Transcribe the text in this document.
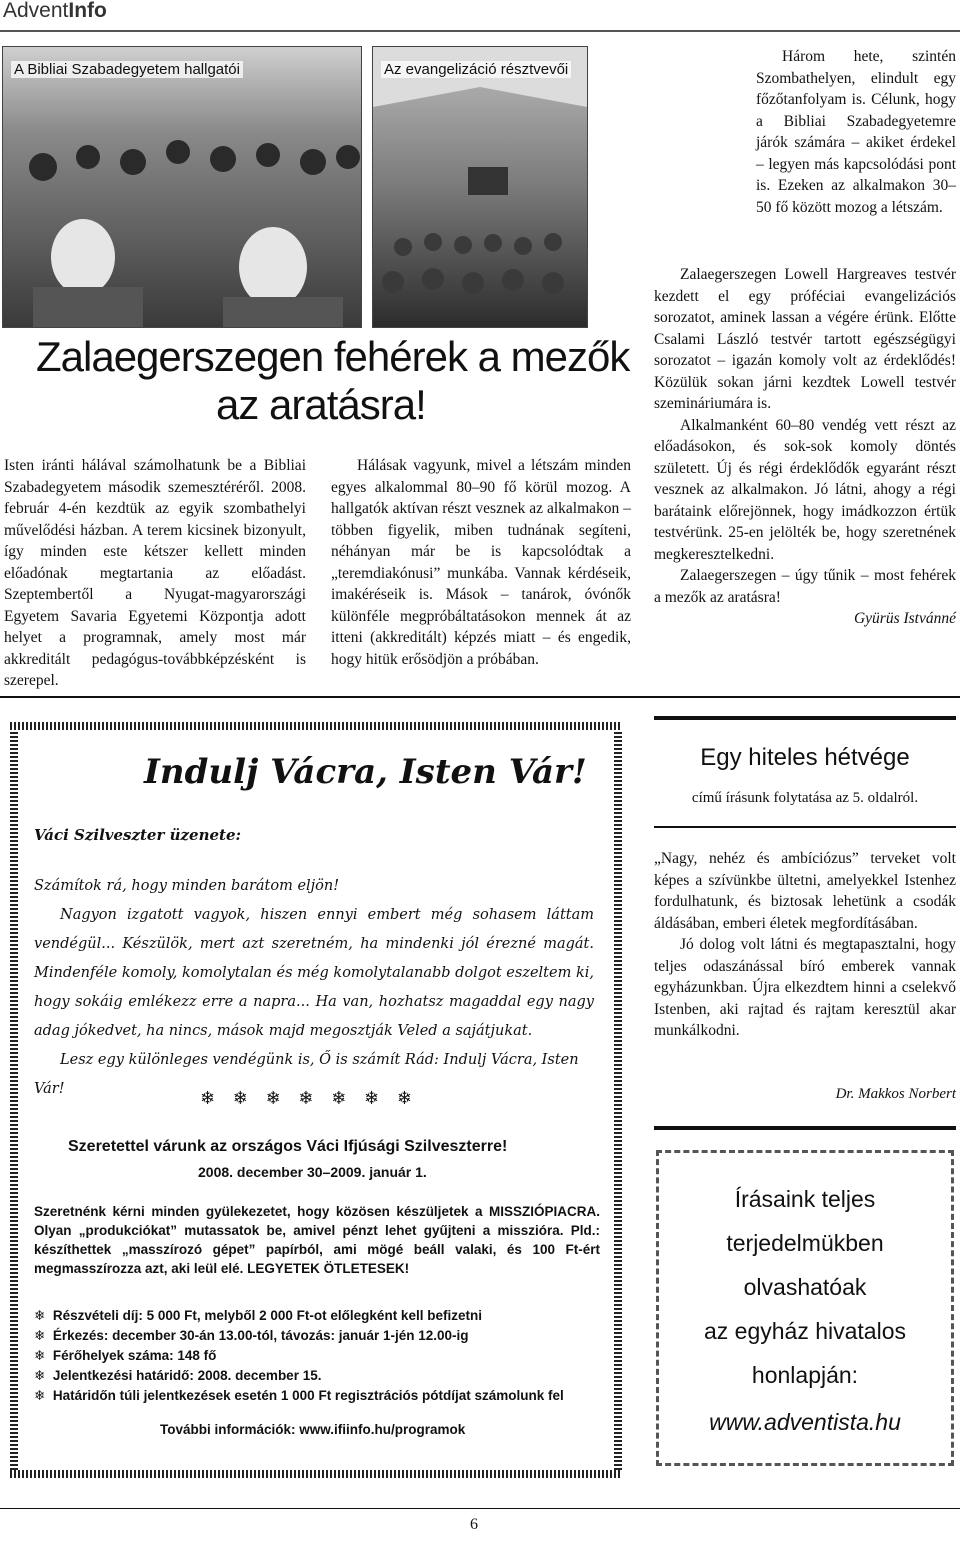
AdventInfo
A Bibliai Szabadegyetem hallgatói	Az evangelizáció résztvevői
Zalaegerszegen fehérek a mezők
az aratásra!

Isten iránti hálával számolhatunk be a Bibliai Szabadegyetem második szemesztéréről. 2008. február 4-én kezdtük az egyik szombathelyi művelődési házban. A terem kicsinek bizonyult, így minden este kétszer kellett minden előadónak megtartania az előadást. Szeptembertől a Nyugat-magyarországi Egyetem Savaria Egyetemi Központja adott helyet a programnak, amely most már akkreditált pedagógus-továbbképzésként is szerepel.

Hálásak vagyunk, mivel a létszám minden egyes alkalommal 80–90 fő körül mozog. A hallgatók aktívan részt vesznek az alkalmakon – többen figyelik, miben tudnának segíteni, néhányan már be is kapcsolódtak a „teremdiakónusi” munkába. Vannak kérdéseik, imakéréseik is. Mások – tanárok, óvónők különféle megpróbáltatásokon mennek át az itteni (akkreditált) képzés miatt – és engedik, hogy hitük erősödjön a próbában.

Három hete, szintén Szombathelyen, elindult egy főzőtanfolyam is. Célunk, hogy a Bibliai Szabadegyetemre járók számára – akiket érdekel – legyen más kapcsolódási pont is. Ezeken az alkalmakon 30–50 fő között mozog a létszám.

Zalaegerszegen Lowell Hargreaves testvér kezdett el egy próféciai evangelizációs sorozatot, aminek lassan a végére érünk. Előtte Csalami László testvér tartott egészségügyi sorozatot – igazán komoly volt az érdeklődés! Közülük sokan járni kezdtek Lowell testvér szemináriumára is.

Alkalmanként 60–80 vendég vett részt az előadásokon, és sok-sok komoly döntés született. Új és régi érdeklődők egyaránt részt vesznek az alkalmakon. Jó látni, ahogy a régi barátaink előrejönnek, hogy imádkozzon értük testvérünk. 25-en jelölték be, hogy szeretnének megkeresztelkedni.

Zalaegerszegen – úgy tűnik – most fehérek a mezők az aratásra!

Gyürüs Istvánné

Indulj Vácra, Isten Vár!
Váci Szilveszter üzenete:
Számítok rá, hogy minden barátom eljön!
Nagyon izgatott vagyok, hiszen ennyi embert még sohasem láttam vendégül... Készülök, mert azt szeretném, ha mindenki jól érezné magát. Mindenféle komoly, komolytalan és még komolytalanabb dolgot eszeltem ki, hogy sokáig emlékezz erre a napra... Ha van, hozhatsz magaddal egy nagy adag jókedvet, ha nincs, mások majd megosztják Veled a sajátjukat.
Lesz egy különleges vendégünk is, Ő is számít Rád: Indulj Vácra, Isten Vár!	❄ ❄ ❄ ❄ ❄ ❄ ❄
Szeretettel várunk az országos Váci Ifjúsági Szilveszterre!
2008. december 30–2009. január 1.
Szeretnénk kérni minden gyülekezetet, hogy közösen készüljetek a MISSZIÓPIACRA. Olyan „produkciókat” mutassatok be, amivel pénzt lehet gyűjteni a misszióra. Pld.: készíthettek „masszírozó gépet” papírból, ami mögé beáll valaki, és 100 Ft-ért megmasszírozza azt, aki leül elé. LEGYETEK ÖTLETESEK!
❄ Részvételi díj: 5 000 Ft, melyből 2 000 Ft-ot előlegként kell befizetni
❄ Érkezés: december 30-án 13.00-tól, távozás: január 1-jén 12.00-ig
❄ Férőhelyek száma: 148 fő
❄ Jelentkezési határidő: 2008. december 15.
❄ Határidőn túli jelentkezések esetén 1 000 Ft regisztrációs pótdíjat számolunk fel
További információk: www.ifiinfo.hu/programok
Egy hiteles hétvége
című írásunk folytatása az 5. oldalról.

„Nagy, nehéz és ambíciózus” terveket volt képes a szívünkbe ültetni, amelyekkel Istenhez fordulhatunk, és biztosak lehetünk a csodák áldásában, emberi életek megfordításában.

Jó dolog volt látni és megtapasztalni, hogy teljes odaszánással bíró emberek vannak egyházunkban. Újra elkezdtem hinni a cselekvő Istenben, aki rajtad és rajtam keresztül akar munkálkodni.

Dr. Makkos Norbert
Írásaink teljes
terjedelmükben
olvashatóak
az egyház hivatalos
honlapján:
www.adventista.hu
6
